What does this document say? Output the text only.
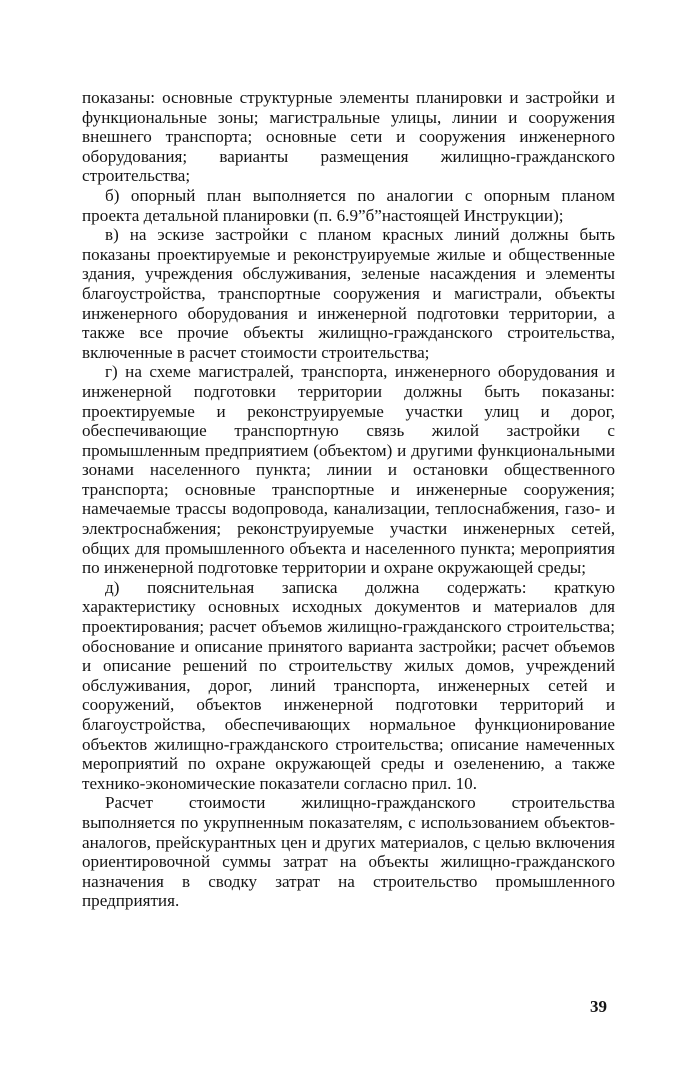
показаны: основные структурные элементы планировки и застройки и функциональные зоны; магистральные улицы, линии и сооружения внешнего транспорта; основные сети и сооружения инженерного оборудования; варианты размещения жилищно-гражданского строительства;

б) опорный план выполняется по аналогии с опорным планом проекта детальной планировки (п. 6.9”б”настоящей Инструкции);

в) на эскизе застройки с планом красных линий должны быть показаны проектируемые и реконструируемые жилые и общественные здания, учреждения обслуживания, зеленые насаждения и элементы благоустройства, транспортные сооружения и магистрали, объекты инженерного оборудования и инженерной подготовки территории, а также все прочие объекты жилищно-гражданского строительства, включенные в расчет стоимости строительства;

г) на схеме магистралей, транспорта, инженерного оборудования и инженерной подготовки территории должны быть показаны: проектируемые и реконструируемые участки улиц и дорог, обеспечивающие транспортную связь жилой застройки с промышленным предприятием (объектом) и другими функциональными зонами населенного пункта; линии и остановки общественного транспорта; основные транспортные и инженерные сооружения; намечаемые трассы водопровода, канализации, теплоснабжения, газо- и электроснабжения; реконструируемые участки инженерных сетей, общих для промышленного объекта и населенного пункта; мероприятия по инженерной подготовке территории и охране окружающей среды;

д) пояснительная записка должна содержать: краткую характеристику основных исходных документов и материалов для проектирования; расчет объемов жилищно-гражданского строительства; обоснование и описание принятого варианта застройки; расчет объемов и описание решений по строительству жилых домов, учреждений обслуживания, дорог, линий транспорта, инженерных сетей и сооружений, объектов инженерной подготовки территорий и благоустройства, обеспечивающих нормальное функционирование объектов жилищно-гражданского строительства; описание намеченных мероприятий по охране окружающей среды и озеленению, а также технико-экономические показатели согласно прил. 10.

Расчет стоимости жилищно-гражданского строительства выполняется по укрупненным показателям, с использованием объектов-аналогов, прейскурантных цен и других материалов, с целью включения ориентировочной суммы затрат на объекты жилищно-гражданского назначения в сводку затрат на строительство промышленного предприятия.

39
